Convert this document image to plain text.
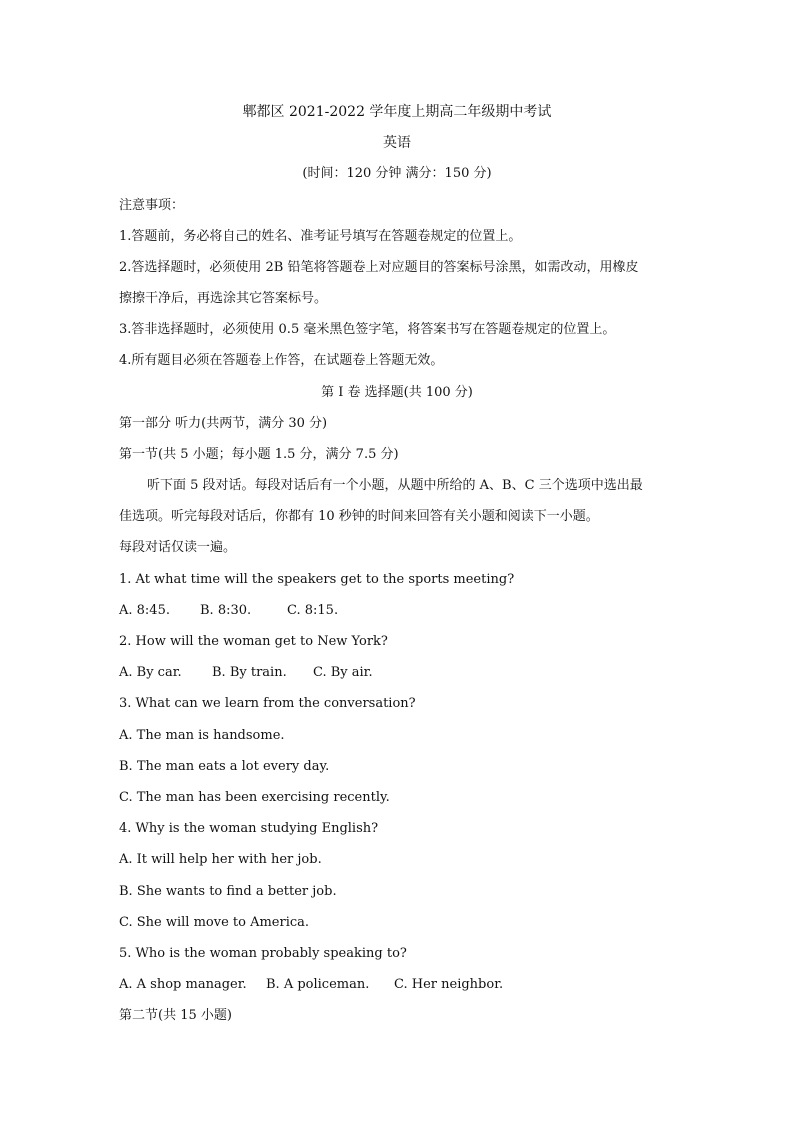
郫都区 2021-2022 学年度上期高二年级期中考试
英语
(时间：120 分钟 满分：150 分)
注意事项：
1.答题前，务必将自己的姓名、准考证号填写在答题卷规定的位置上。
2.答选择题时，必须使用 2B 铅笔将答题卷上对应题目的答案标号涂黑，如需改动，用橡皮
擦擦干净后，再选涂其它答案标号。
3.答非选择题时，必须使用 0.5 毫米黑色签字笔，将答案书写在答题卷规定的位置上。
4.所有题目必须在答题卷上作答，在试题卷上答题无效。
第 I 卷 选择题(共 100 分)
第一部分 听力(共两节，满分 30 分)
第一节(共 5 小题；每小题 1.5 分，满分 7.5 分)
听下面 5 段对话。每段对话后有一个小题，从题中所给的 A、B、C 三个选项中选出最
佳选项。听完每段对话后，你都有 10 秒钟的时间来回答有关小题和阅读下一小题。
每段对话仅读一遍。
1. At what time will the speakers get to the sports meeting?
A. 8:45. B. 8:30.	C. 8:15.
2. How will the woman get to New York?
A. By car. B. By train. C. By air.
3. What can we learn from the conversation?
A. The man is handsome.
B. The man eats a lot every day.
C. The man has been exercising recently.
4. Why is the woman studying English?
A. It will help her with her job.
B. She wants to find a better job.
C. She will move to America.
5. Who is the woman probably speaking to?
A. A shop manager. B. A policeman. C. Her neighbor.
第二节(共 15 小题)
